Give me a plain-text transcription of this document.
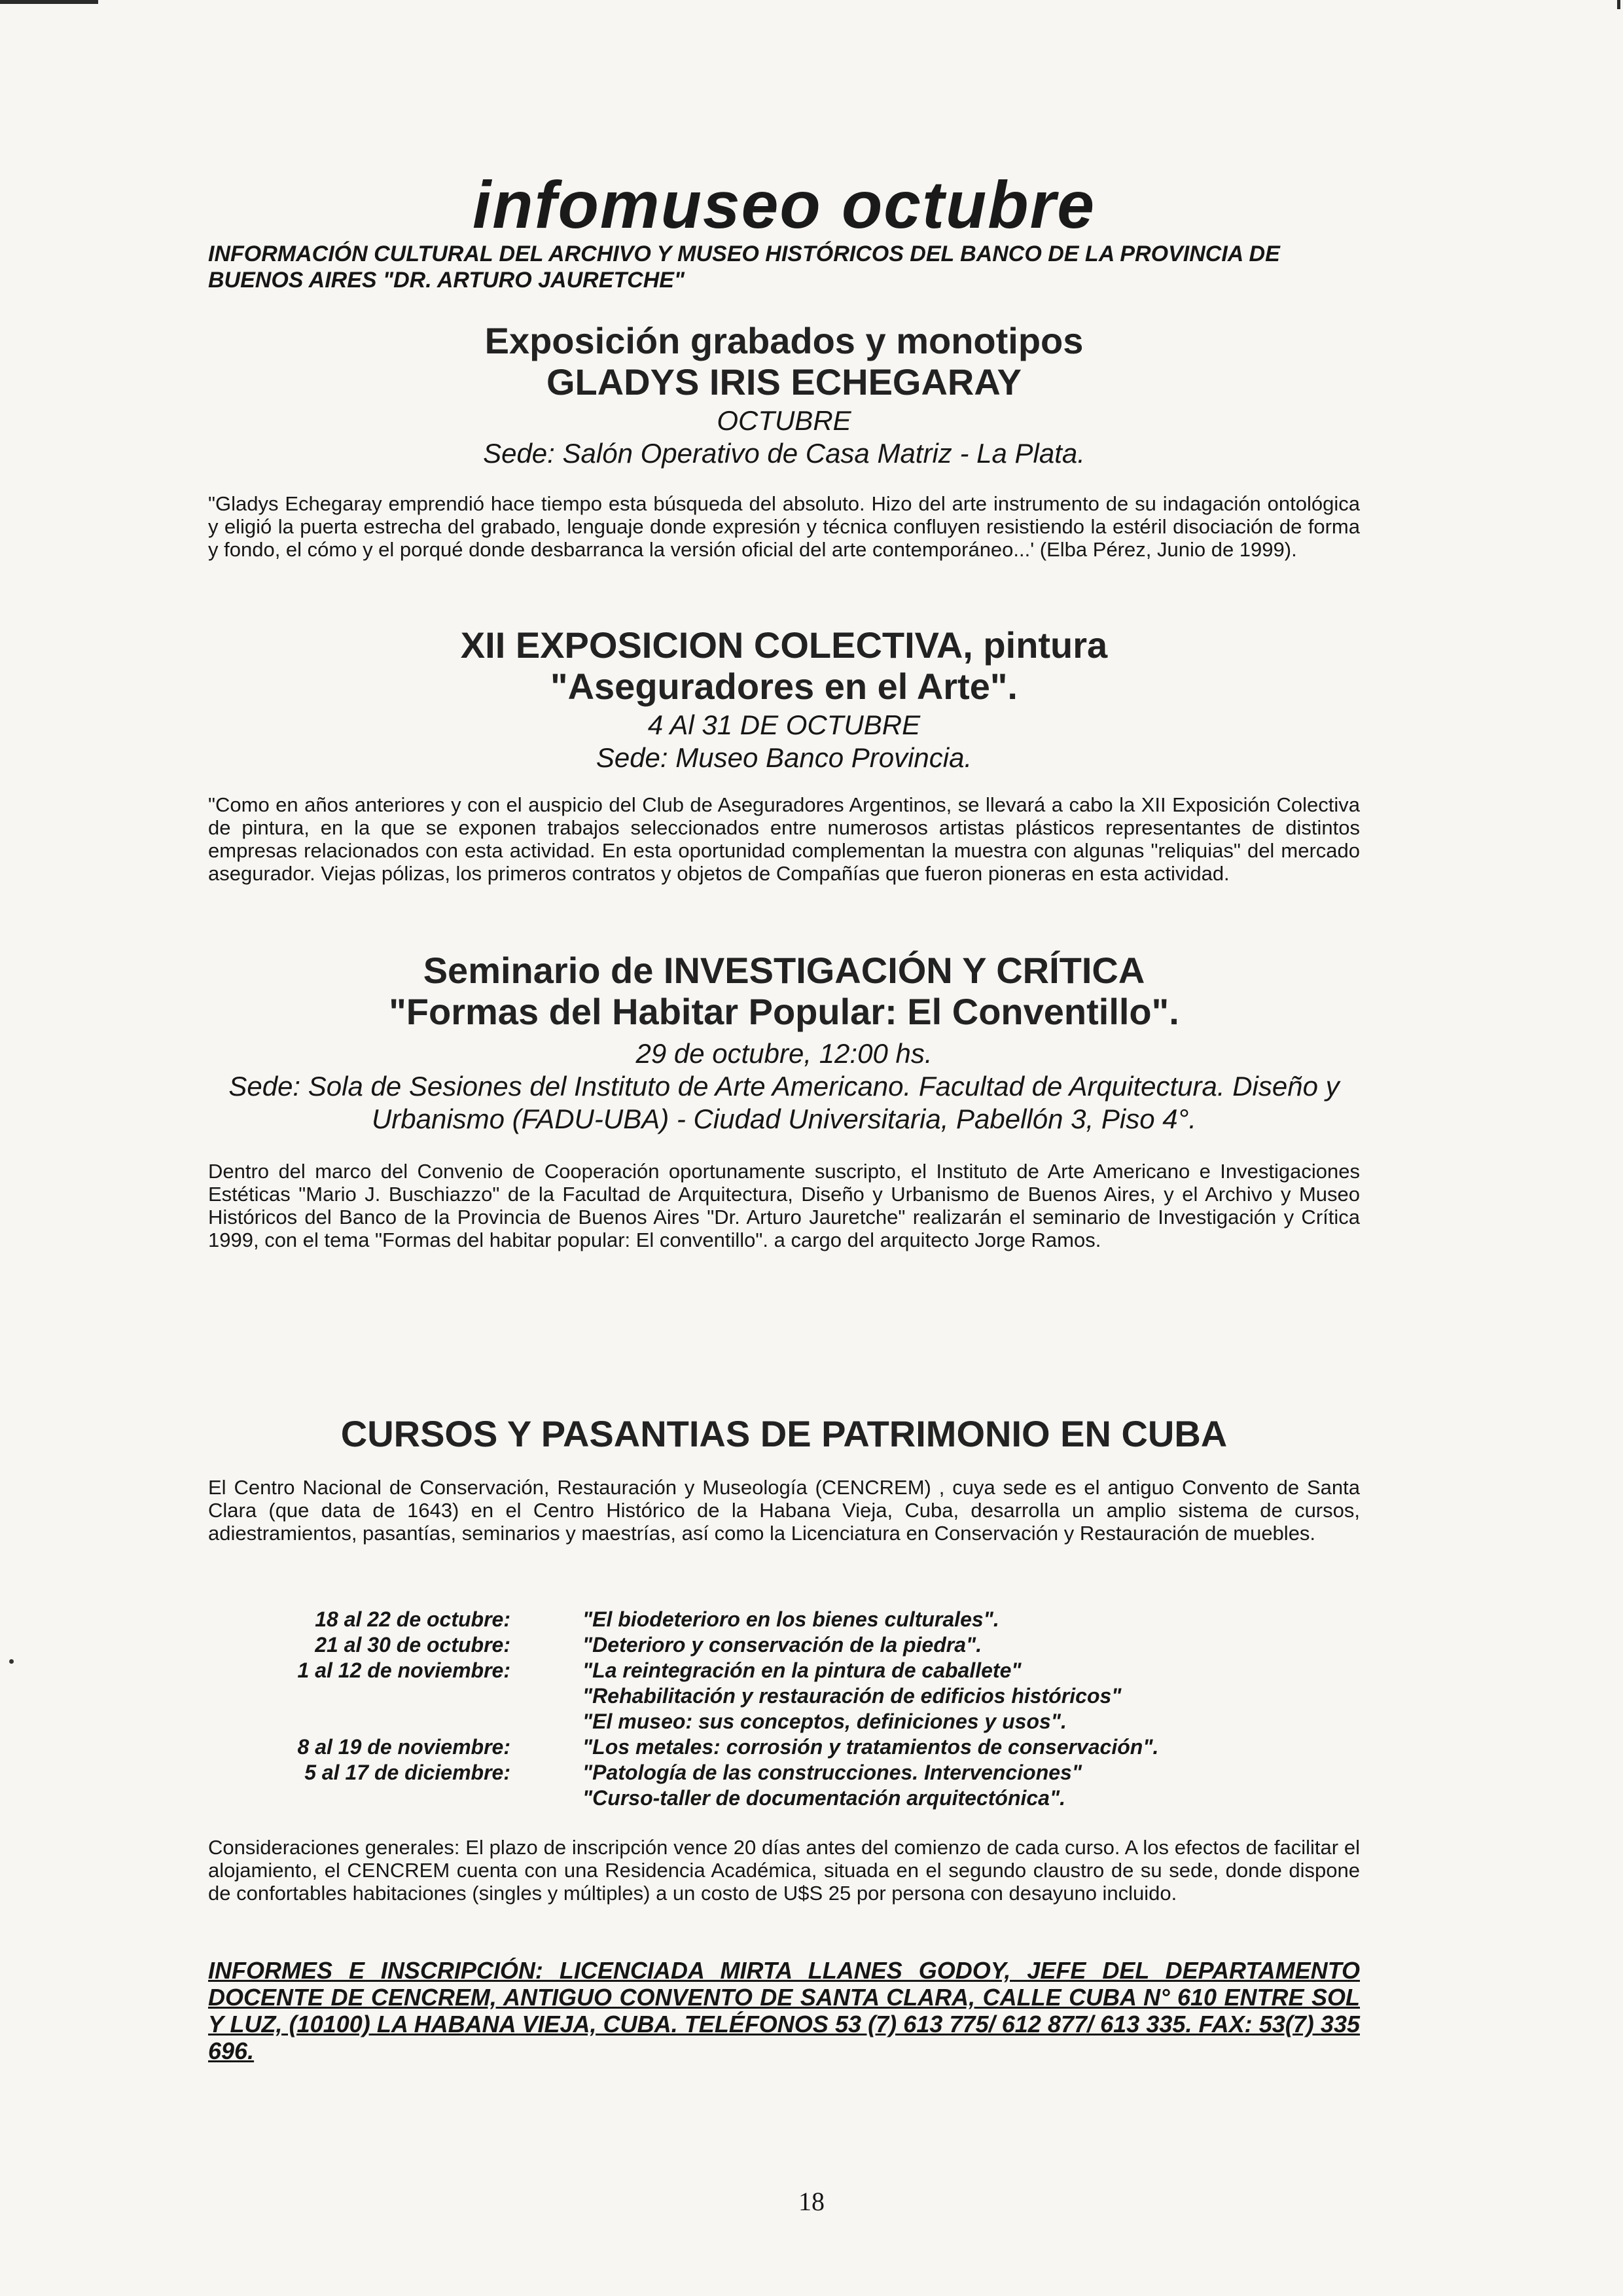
infomuseo octubre
INFORMACIÓN CULTURAL DEL ARCHIVO Y MUSEO HISTÓRICOS DEL BANCO DE LA PROVINCIA DE BUENOS AIRES "DR. ARTURO JAURETCHE"
Exposición grabados y monotipos
GLADYS IRIS ECHEGARAY
OCTUBRE
Sede: Salón Operativo de Casa Matriz - La Plata.
"Gladys Echegaray emprendió hace tiempo esta búsqueda del absoluto. Hizo del arte instrumento de su indagación ontológica y eligió la puerta estrecha del grabado, lenguaje donde expresión y técnica confluyen resistiendo la estéril disociación de forma y fondo, el cómo y el porqué donde desbarranca la versión oficial del arte contemporáneo...' (Elba Pérez, Junio de 1999).
XII EXPOSICION COLECTIVA, pintura
"Aseguradores en el Arte".
4 Al 31 DE OCTUBRE
Sede: Museo Banco Provincia.
"Como en años anteriores y con el auspicio del Club de Aseguradores Argentinos, se llevará a cabo la XII Exposición Colectiva de pintura, en la que se exponen trabajos seleccionados entre numerosos artistas plásticos representantes de distintos empresas relacionados con esta actividad. En esta oportunidad complementan la muestra con algunas "reliquias" del mercado asegurador. Viejas pólizas, los primeros contratos y objetos de Compañías que fueron pioneras en esta actividad.
Seminario de INVESTIGACIÓN Y CRÍTICA
"Formas del Habitar Popular: El Conventillo".
29 de octubre, 12:00 hs.
Sede: Sola de Sesiones del Instituto de Arte Americano. Facultad de Arquitectura. Diseño y Urbanismo (FADU-UBA) - Ciudad Universitaria, Pabellón 3, Piso 4°.
Dentro del marco del Convenio de Cooperación oportunamente suscripto, el Instituto de Arte Americano e Investigaciones Estéticas "Mario J. Buschiazzo" de la Facultad de Arquitectura, Diseño y Urbanismo de Buenos Aires, y el Archivo y Museo Históricos del Banco de la Provincia de Buenos Aires "Dr. Arturo Jauretche" realizarán el seminario de Investigación y Crítica 1999, con el tema "Formas del habitar popular: El conventillo". a cargo del arquitecto Jorge Ramos.
CURSOS Y PASANTIAS DE PATRIMONIO EN CUBA
El Centro Nacional de Conservación, Restauración y Museología (CENCREM) , cuya sede es el antiguo Convento de Santa Clara (que data de 1643) en el Centro Histórico de la Habana Vieja, Cuba, desarrolla un amplio sistema de cursos, adiestramientos, pasantías, seminarios y maestrías, así como la Licenciatura en Conservación y Restauración de muebles.
18 al 22 de octubre:	"El biodeterioro en los bienes culturales".
21 al 30 de octubre:	"Deterioro y conservación de la piedra".
1 al 12 de noviembre:	"La reintegración en la pintura de caballete"
"Rehabilitación y restauración de edificios históricos"
"El museo: sus conceptos, definiciones y usos".
8 al 19 de noviembre:	"Los metales: corrosión y tratamientos de conservación".
5 al 17 de diciembre:	"Patología de las construcciones. Intervenciones"
"Curso-taller de documentación arquitectónica".
Consideraciones generales: El plazo de inscripción vence 20 días antes del comienzo de cada curso. A los efectos de facilitar el alojamiento, el CENCREM cuenta con una Residencia Académica, situada en el segundo claustro de su sede, donde dispone de confortables habitaciones (singles y múltiples) a un costo de U$S 25 por persona con desayuno incluido.
INFORMES E INSCRIPCIÓN: LICENCIADA MIRTA LLANES GODOY, JEFE DEL DEPARTAMENTO DOCENTE DE CENCREM, ANTIGUO CONVENTO DE SANTA CLARA, CALLE CUBA N° 610 ENTRE SOL Y LUZ, (10100) LA HABANA VIEJA, CUBA. TELÉFONOS 53 (7) 613 775/ 612 877/ 613 335. FAX: 53(7) 335 696.
18
